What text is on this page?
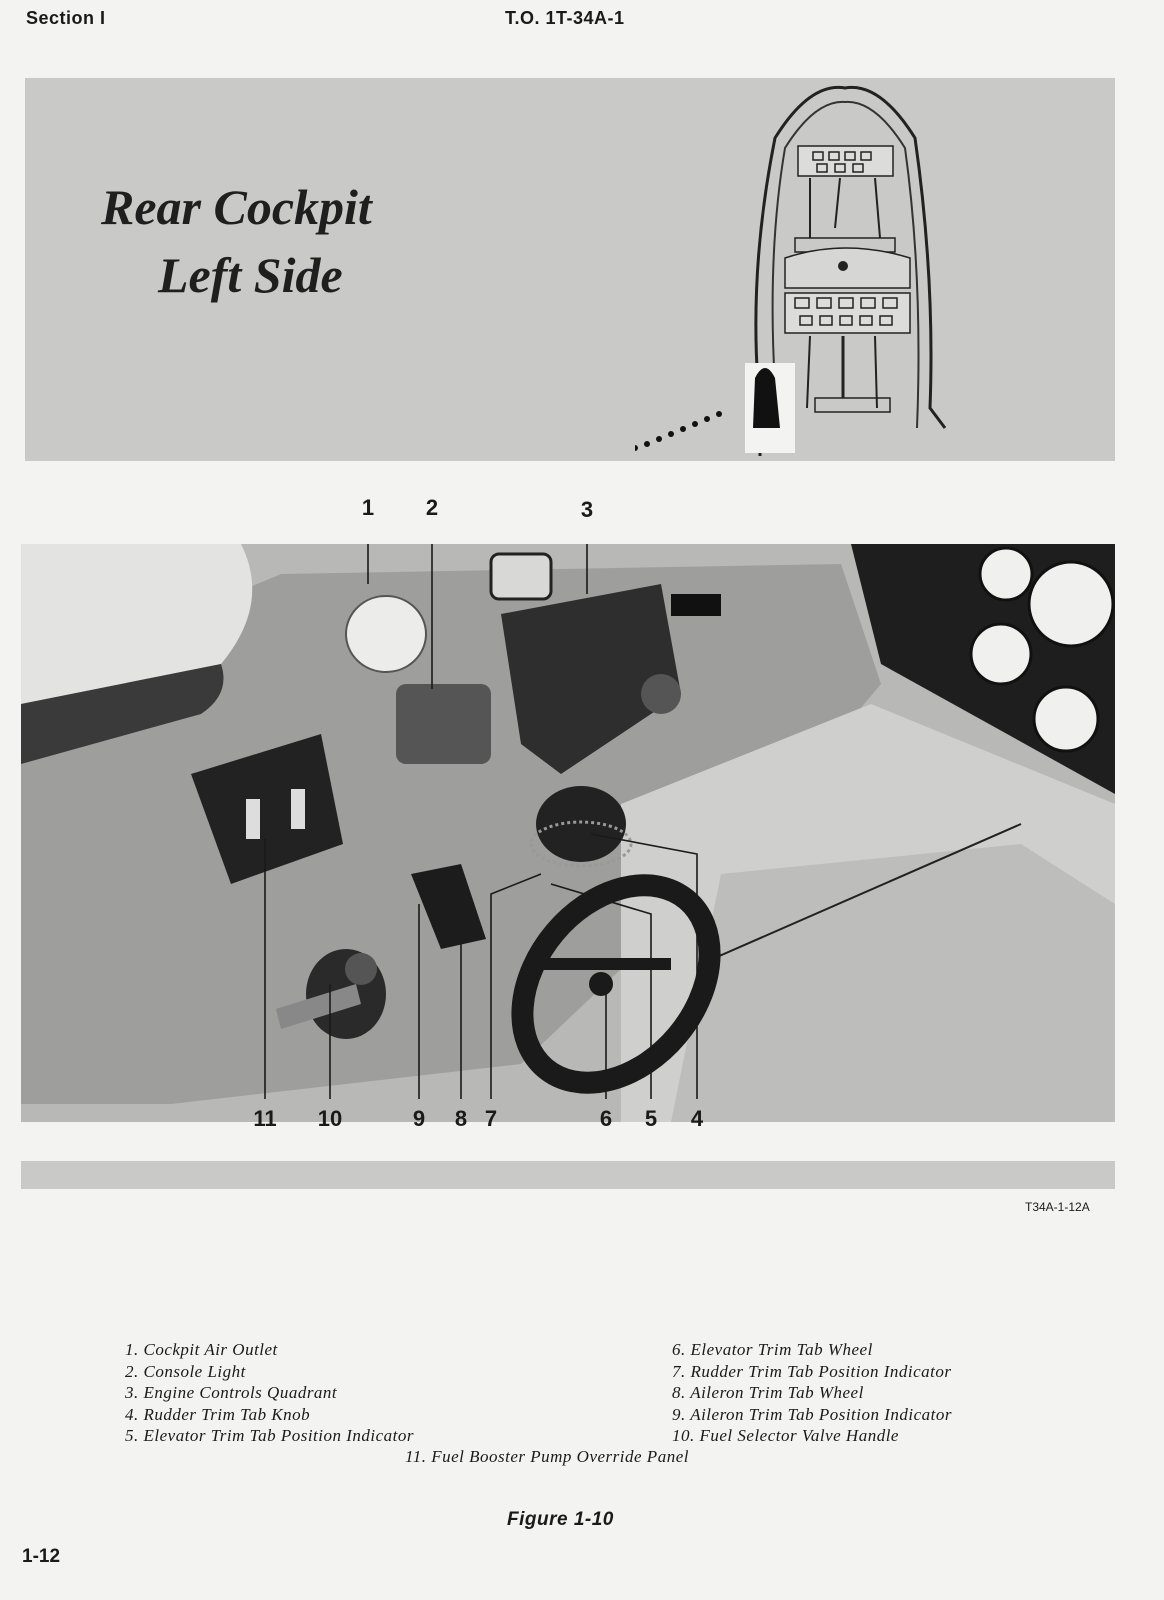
Section I	T.O. 1T-34A-1
Rear Cockpit
Left Side
1 2	3
11 10	9 8 7	6 5 4
T34A-1-12A
1. Cockpit Air Outlet
2. Console Light
3. Engine Controls Quadrant
4. Rudder Trim Tab Knob
5. Elevator Trim Tab Position Indicator
6. Elevator Trim Tab Wheel
7. Rudder Trim Tab Position Indicator
8. Aileron Trim Tab Wheel
9. Aileron Trim Tab Position Indicator
10. Fuel Selector Valve Handle
11. Fuel Booster Pump Override Panel
Figure 1-10
1-12
